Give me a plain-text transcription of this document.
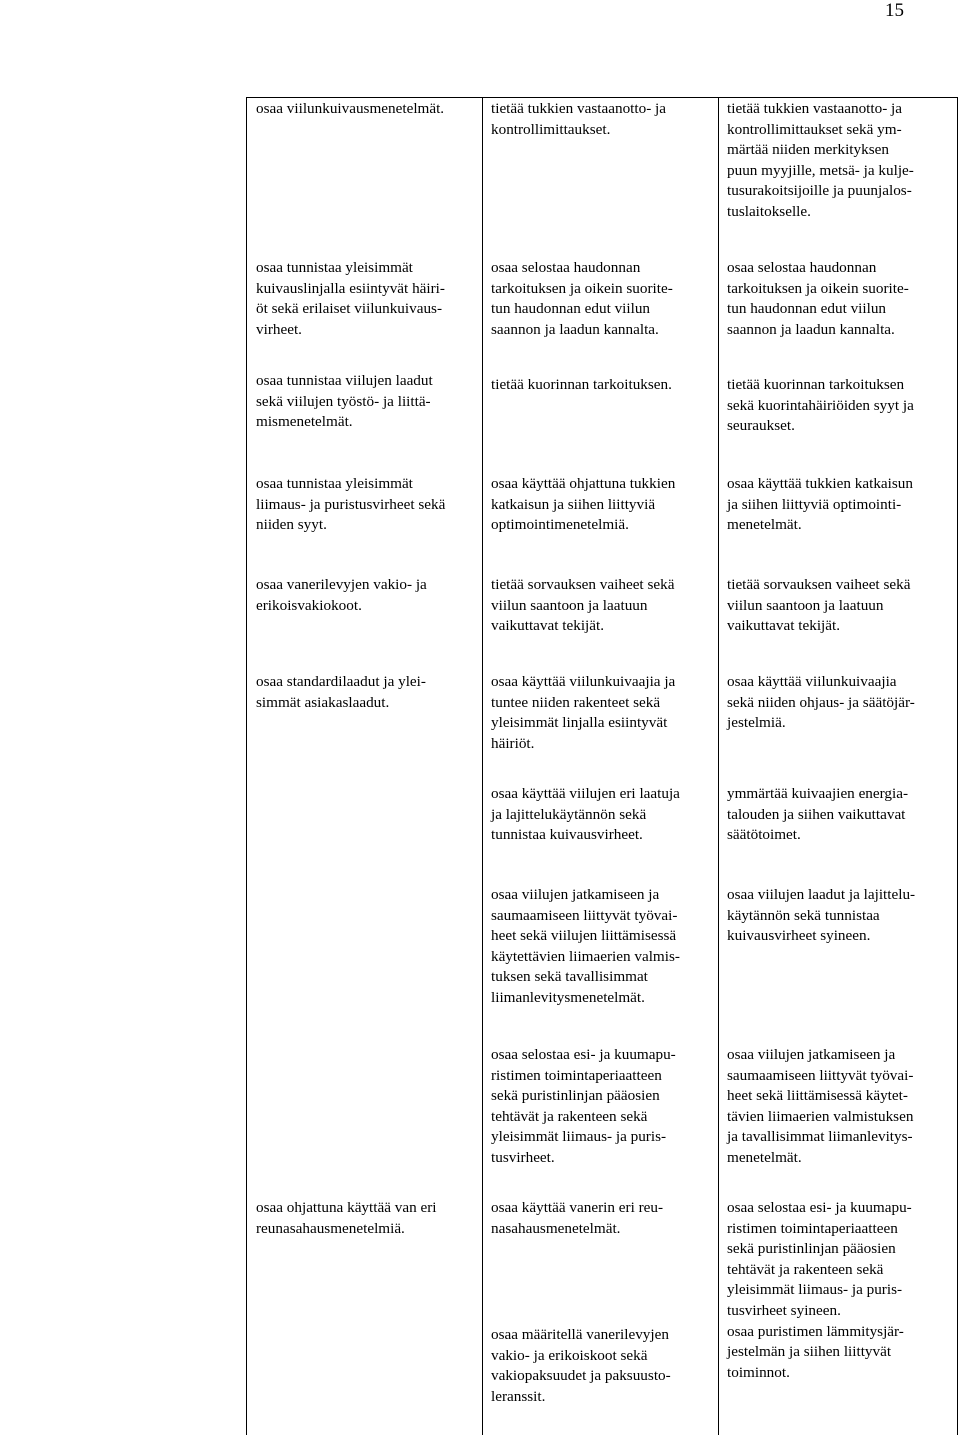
15
osaa viilunkuivausmenetelmät.
osaa tunnistaa yleisimmät
kuivauslinjalla esiintyvät häiri-
öt sekä erilaiset viilunkuivaus-
virheet.
osaa tunnistaa viilujen laadut
sekä viilujen työstö- ja liittä-
mismenetelmät.
osaa tunnistaa yleisimmät
liimaus- ja puristusvirheet sekä
niiden syyt.
osaa vanerilevyjen vakio- ja
erikoisvakiokoot.
osaa standardilaadut ja ylei-
simmät asiakaslaadut.
osaa ohjattuna käyttää van eri
reunasahausmenetelmiä.
tietää tukkien vastaanotto- ja
kontrollimittaukset.
osaa selostaa haudonnan
tarkoituksen ja oikein suorite-
tun haudonnan edut viilun
saannon ja laadun kannalta.
tietää kuorinnan tarkoituksen.
osaa käyttää ohjattuna tukkien
katkaisun ja siihen liittyviä
optimointimenetelmiä.
tietää sorvauksen vaiheet sekä
viilun saantoon ja laatuun
vaikuttavat tekijät.
osaa käyttää viilunkuivaajia ja
tuntee niiden rakenteet sekä
yleisimmät linjalla esiintyvät
häiriöt.
osaa käyttää viilujen eri laatuja
ja lajittelukäytännön sekä
tunnistaa kuivausvirheet.
osaa viilujen jatkamiseen ja
saumaamiseen liittyvät työvai-
heet sekä viilujen liittämisessä
käytettävien liimaerien valmis-
tuksen sekä tavallisimmat
liimanlevitysmenetelmät.
osaa selostaa esi- ja kuumapu-
ristimen toimintaperiaatteen
sekä puristinlinjan pääosien
tehtävät ja rakenteen sekä
yleisimmät liimaus- ja puris-
tusvirheet.
osaa käyttää vanerin eri reu-
nasahausmenetelmät.
osaa määritellä vanerilevyjen
vakio- ja erikoiskoot sekä
vakiopaksuudet ja paksuusto-
leranssit.
tietää tukkien vastaanotto- ja
kontrollimittaukset sekä ym-
märtää niiden merkityksen
puun myyjille, metsä- ja kulje-
tusurakoitsijoille ja puunjalos-
tuslaitokselle.
osaa selostaa haudonnan
tarkoituksen ja oikein suorite-
tun haudonnan edut viilun
saannon ja laadun kannalta.
tietää kuorinnan tarkoituksen
sekä kuorintahäiriöiden syyt ja
seuraukset.
osaa käyttää tukkien katkaisun
ja siihen liittyviä optimointi-
menetelmät.
tietää sorvauksen vaiheet sekä
viilun saantoon ja laatuun
vaikuttavat tekijät.
osaa käyttää viilunkuivaajia
sekä niiden ohjaus- ja säätöjär-
jestelmiä.
ymmärtää kuivaajien energia-
talouden ja siihen vaikuttavat
säätötoimet.
osaa viilujen laadut ja lajittelu-
käytännön sekä tunnistaa
kuivausvirheet syineen.
osaa viilujen jatkamiseen ja
saumaamiseen liittyvät työvai-
heet sekä liittämisessä käytet-
tävien liimaerien valmistuksen
ja tavallisimmat liimanlevitys-
menetelmät.
osaa selostaa esi- ja kuumapu-
ristimen toimintaperiaatteen
sekä puristinlinjan pääosien
tehtävät ja rakenteen sekä
yleisimmät liimaus- ja puris-
tusvirheet syineen.
osaa puristimen lämmitysjär-
jestelmän ja siihen liittyvät
toiminnot.
